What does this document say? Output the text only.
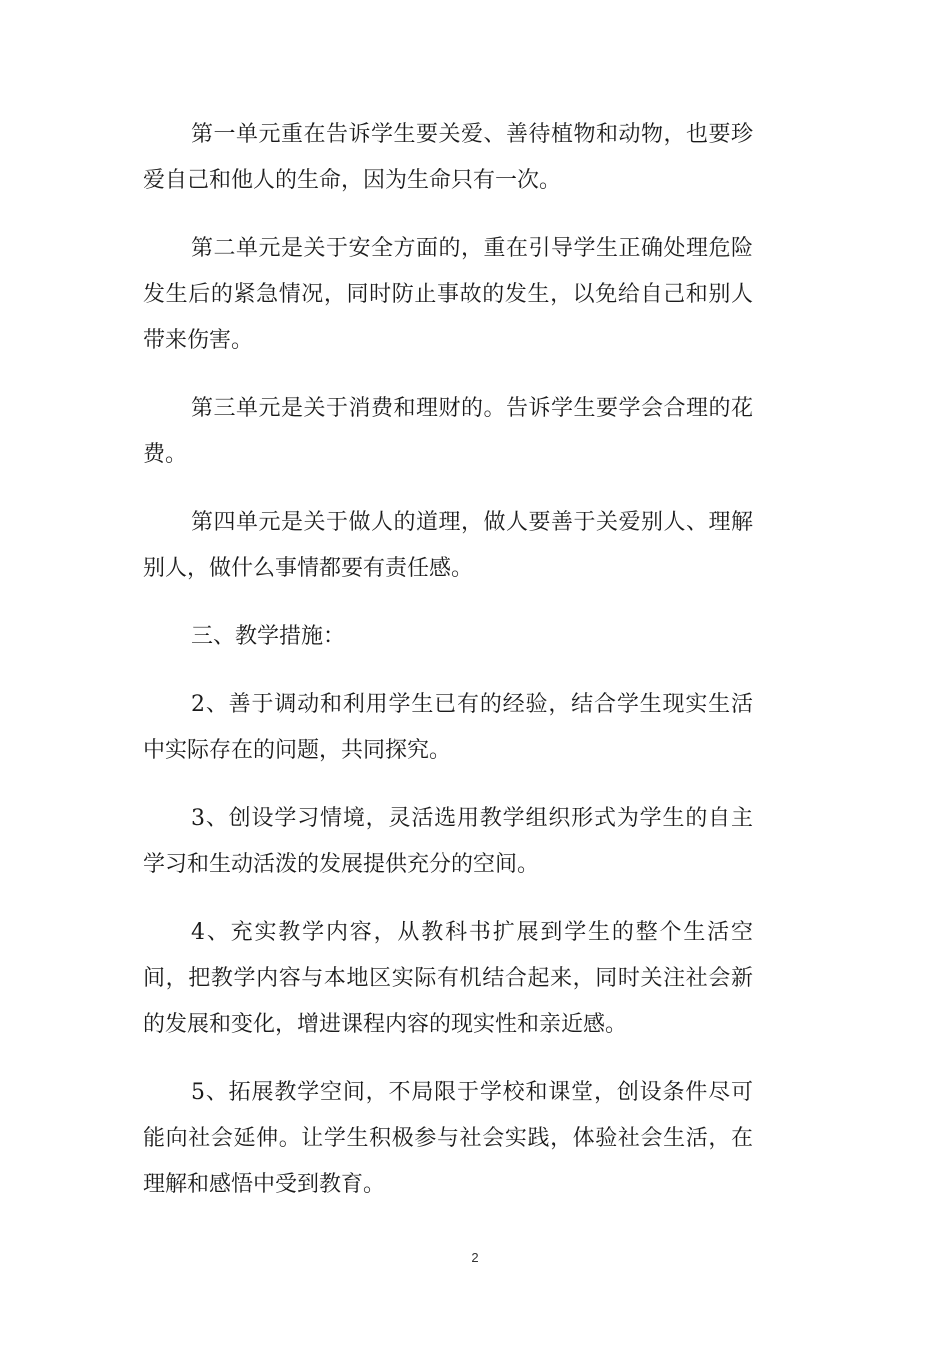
第一单元重在告诉学生要关爱、善待植物和动物，也要珍爱自己和他人的生命，因为生命只有一次。

第二单元是关于安全方面的，重在引导学生正确处理危险发生后的紧急情况，同时防止事故的发生，以免给自己和别人带来伤害。

第三单元是关于消费和理财的。告诉学生要学会合理的花费。

第四单元是关于做人的道理，做人要善于关爱别人、理解别人，做什么事情都要有责任感。

三、教学措施：

2、善于调动和利用学生已有的经验，结合学生现实生活中实际存在的问题，共同探究。

3、创设学习情境，灵活选用教学组织形式为学生的自主学习和生动活泼的发展提供充分的空间。

4、充实教学内容，从教科书扩展到学生的整个生活空间，把教学内容与本地区实际有机结合起来，同时关注社会新的发展和变化，增进课程内容的现实性和亲近感。

5、拓展教学空间，不局限于学校和课堂，创设条件尽可能向社会延伸。让学生积极参与社会实践，体验社会生活，在理解和感悟中受到教育。

2
